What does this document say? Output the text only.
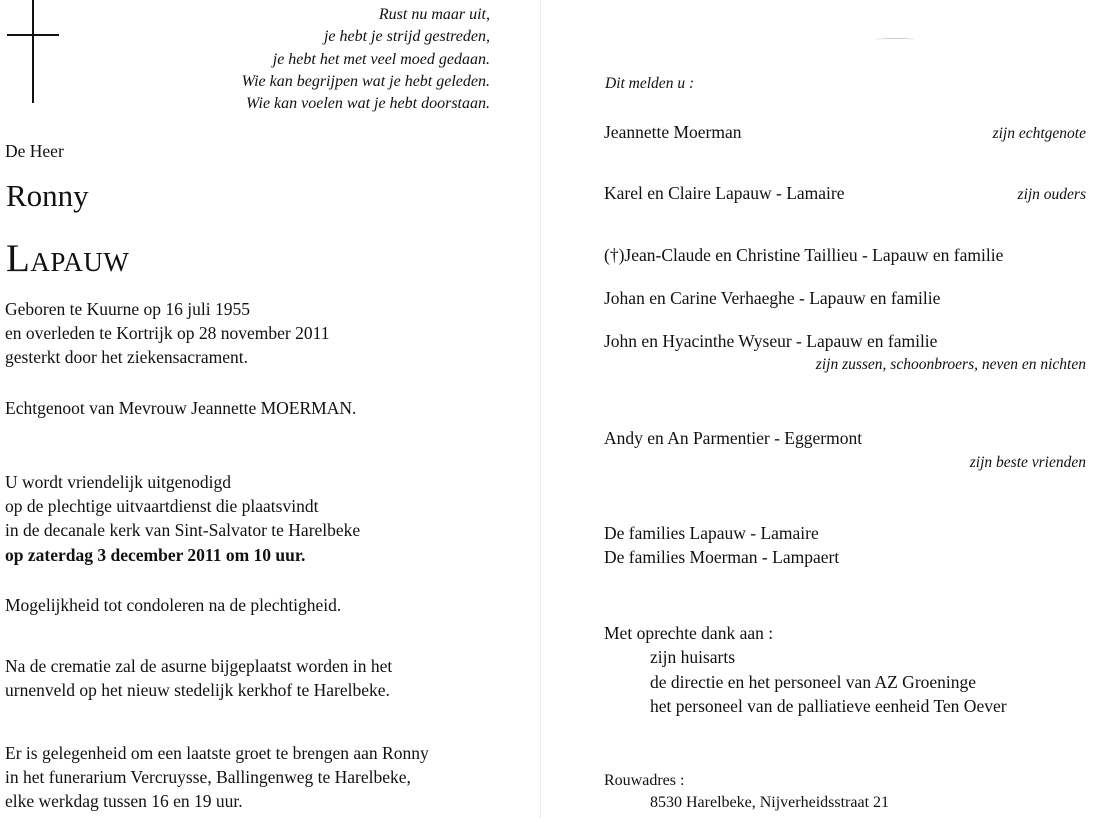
Rust nu maar uit,
je hebt je strijd gestreden,
je hebt het met veel moed gedaan.
Wie kan begrijpen wat je hebt geleden.
Wie kan voelen wat je hebt doorstaan.
De Heer
Ronny
Lapauw
Geboren te Kuurne op 16 juli 1955
en overleden te Kortrijk op 28 november 2011
gesterkt door het ziekensacrament.
Echtgenoot van Mevrouw Jeannette MOERMAN.
U wordt vriendelijk uitgenodigd
op de plechtige uitvaartdienst die plaatsvindt
in de decanale kerk van Sint-Salvator te Harelbeke
op zaterdag 3 december 2011 om 10 uur.
Mogelijkheid tot condoleren na de plechtigheid.
Na de crematie zal de asurne bijgeplaatst worden in het
urnenveld op het nieuw stedelijk kerkhof te Harelbeke.
Er is gelegenheid om een laatste groet te brengen aan Ronny
in het funerarium Vercruysse, Ballingenweg te Harelbeke,
elke werkdag tussen 16 en 19 uur.
Dit melden u :
Jeannette Moerman	zijn echtgenote
Karel en Claire Lapauw - Lamaire	zijn ouders
(†)Jean-Claude en Christine Taillieu - Lapauw en familie
Johan en Carine Verhaeghe - Lapauw en familie
John en Hyacinthe Wyseur - Lapauw en familie
zijn zussen, schoonbroers, neven en nichten
Andy en An Parmentier - Eggermont
zijn beste vrienden
De families Lapauw - Lamaire
De families Moerman - Lampaert
Met oprechte dank aan :
zijn huisarts
de directie en het personeel van AZ Groeninge
het personeel van de palliatieve eenheid Ten Oever
Rouwadres :
8530 Harelbeke, Nijverheidsstraat 21
